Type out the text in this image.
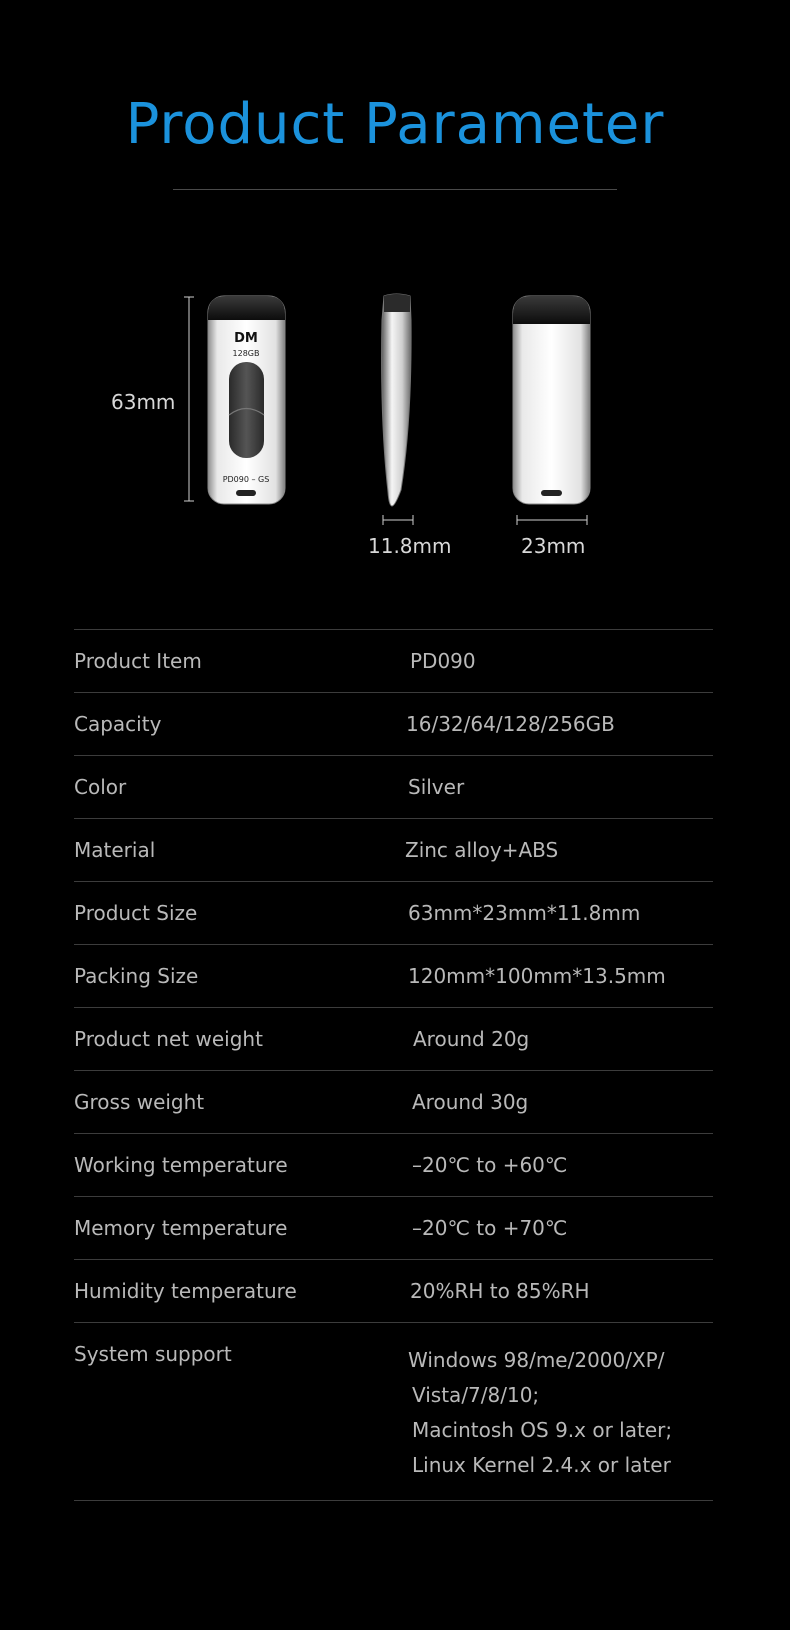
Product Parameter
DM
128GB
PD090 – GS
63mm
11.8mm	23mm
Product Item	PD090
Capacity	16/32/64/128/256GB
Color	Silver
Material	Zinc alloy+ABS
Product Size	63mm*23mm*11.8mm
Packing Size	120mm*100mm*13.5mm
Product net weight	Around 20g
Gross weight	Around 30g
Working temperature	–20℃ to +60℃
Memory temperature	–20℃ to +70℃
Humidity temperature	20%RH to 85%RH
System support	Windows 98/me/2000/XP/
Vista/7/8/10;
Macintosh OS 9.x or later;
Linux Kernel 2.4.x or later
